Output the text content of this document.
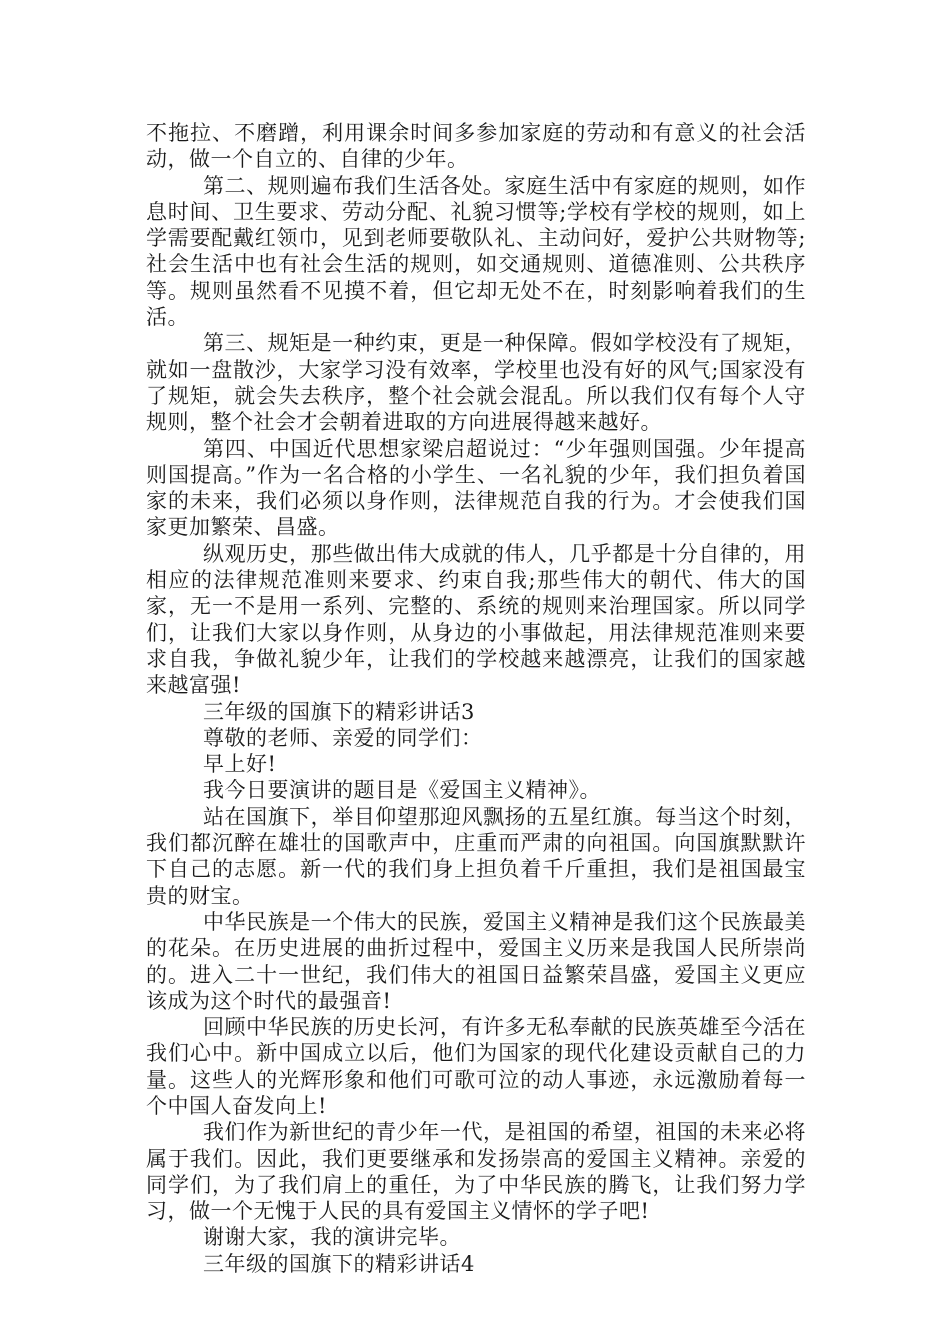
不拖拉、不磨蹭，利用课余时间多参加家庭的劳动和有意义的社会活动，做一个自立的、自律的少年。

第二、规则遍布我们生活各处。家庭生活中有家庭的规则，如作息时间、卫生要求、劳动分配、礼貌习惯等;学校有学校的规则，如上学需要配戴红领巾，见到老师要敬队礼、主动问好，爱护公共财物等;社会生活中也有社会生活的规则，如交通规则、道德准则、公共秩序等。规则虽然看不见摸不着，但它却无处不在，时刻影响着我们的生活。

第三、规矩是一种约束，更是一种保障。假如学校没有了规矩，就如一盘散沙，大家学习没有效率，学校里也没有好的风气;国家没有了规矩，就会失去秩序，整个社会就会混乱。所以我们仅有每个人守规则，整个社会才会朝着进取的方向进展得越来越好。

第四、中国近代思想家梁启超说过：“少年强则国强。少年提高则国提高。”作为一名合格的小学生、一名礼貌的少年，我们担负着国家的未来，我们必须以身作则，法律规范自我的行为。才会使我们国家更加繁荣、昌盛。

纵观历史，那些做出伟大成就的伟人，几乎都是十分自律的，用相应的法律规范准则来要求、约束自我;那些伟大的朝代、伟大的国家，无一不是用一系列、完整的、系统的规则来治理国家。所以同学们，让我们大家以身作则，从身边的小事做起，用法律规范准则来要求自我，争做礼貌少年，让我们的学校越来越漂亮，让我们的国家越来越富强!

三年级的国旗下的精彩讲话3

尊敬的老师、亲爱的同学们：

早上好!

我今日要演讲的题目是《爱国主义精神》。

站在国旗下，举目仰望那迎风飘扬的五星红旗。每当这个时刻，我们都沉醉在雄壮的国歌声中，庄重而严肃的向祖国。向国旗默默许下自己的志愿。新一代的我们身上担负着千斤重担，我们是祖国最宝贵的财宝。

中华民族是一个伟大的民族，爱国主义精神是我们这个民族最美的花朵。在历史进展的曲折过程中，爱国主义历来是我国人民所崇尚的。进入二十一世纪，我们伟大的祖国日益繁荣昌盛，爱国主义更应该成为这个时代的最强音!

回顾中华民族的历史长河，有许多无私奉献的民族英雄至今活在我们心中。新中国成立以后，他们为国家的现代化建设贡献自己的力量。这些人的光辉形象和他们可歌可泣的动人事迹，永远激励着每一个中国人奋发向上!

我们作为新世纪的青少年一代，是祖国的希望，祖国的未来必将属于我们。因此，我们更要继承和发扬崇高的爱国主义精神。亲爱的同学们，为了我们肩上的重任，为了中华民族的腾飞，让我们努力学习，做一个无愧于人民的具有爱国主义情怀的学子吧!

谢谢大家，我的演讲完毕。

三年级的国旗下的精彩讲话4
